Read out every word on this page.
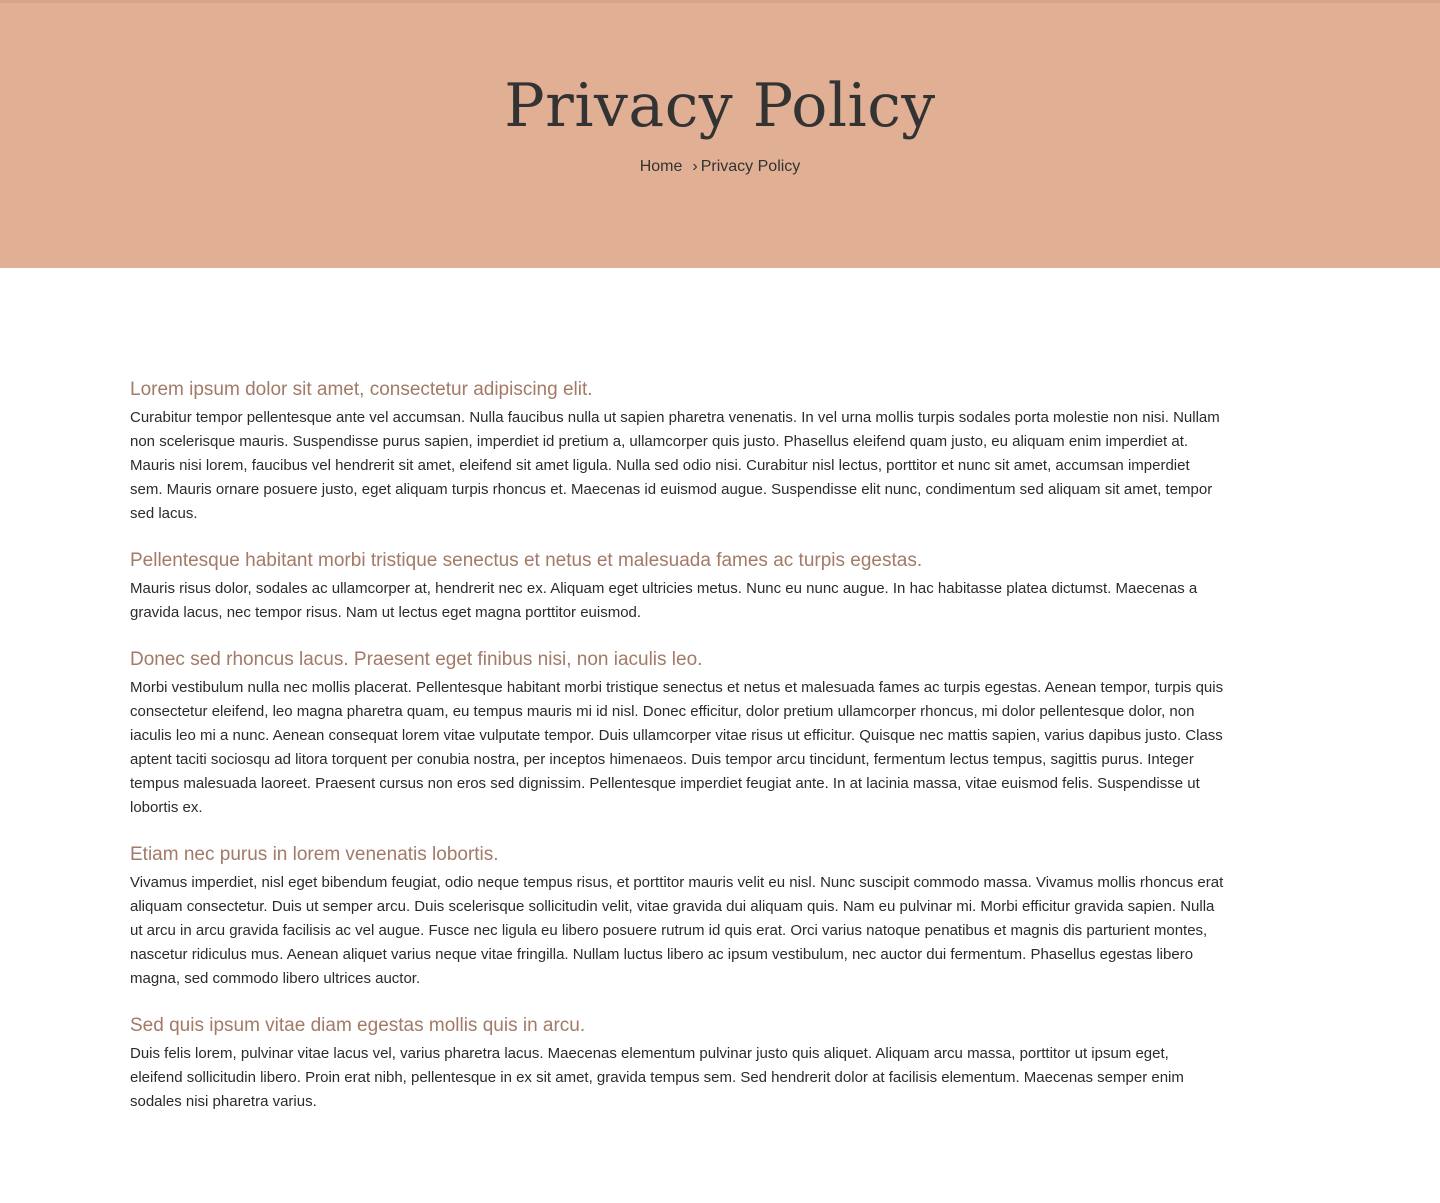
Privacy Policy
Home › Privacy Policy
Lorem ipsum dolor sit amet, consectetur adipiscing elit.

Curabitur tempor pellentesque ante vel accumsan. Nulla faucibus nulla ut sapien pharetra venenatis. In vel urna mollis turpis sodales porta molestie non nisi. Nullam non scelerisque mauris. Suspendisse purus sapien, imperdiet id pretium a, ullamcorper quis justo. Phasellus eleifend quam justo, eu aliquam enim imperdiet at. Mauris nisi lorem, faucibus vel hendrerit sit amet, eleifend sit amet ligula. Nulla sed odio nisi. Curabitur nisl lectus, porttitor et nunc sit amet, accumsan imperdiet sem. Mauris ornare posuere justo, eget aliquam turpis rhoncus et. Maecenas id euismod augue. Suspendisse elit nunc, condimentum sed aliquam sit amet, tempor sed lacus.

Pellentesque habitant morbi tristique senectus et netus et malesuada fames ac turpis egestas.

Mauris risus dolor, sodales ac ullamcorper at, hendrerit nec ex. Aliquam eget ultricies metus. Nunc eu nunc augue. In hac habitasse platea dictumst. Maecenas a gravida lacus, nec tempor risus. Nam ut lectus eget magna porttitor euismod.

Donec sed rhoncus lacus. Praesent eget finibus nisi, non iaculis leo.

Morbi vestibulum nulla nec mollis placerat. Pellentesque habitant morbi tristique senectus et netus et malesuada fames ac turpis egestas. Aenean tempor, turpis quis consectetur eleifend, leo magna pharetra quam, eu tempus mauris mi id nisl. Donec efficitur, dolor pretium ullamcorper rhoncus, mi dolor pellentesque dolor, non iaculis leo mi a nunc. Aenean consequat lorem vitae vulputate tempor. Duis ullamcorper vitae risus ut efficitur. Quisque nec mattis sapien, varius dapibus justo. Class aptent taciti sociosqu ad litora torquent per conubia nostra, per inceptos himenaeos. Duis tempor arcu tincidunt, fermentum lectus tempus, sagittis purus. Integer tempus malesuada laoreet. Praesent cursus non eros sed dignissim. Pellentesque imperdiet feugiat ante. In at lacinia massa, vitae euismod felis. Suspendisse ut lobortis ex.

Etiam nec purus in lorem venenatis lobortis.

Vivamus imperdiet, nisl eget bibendum feugiat, odio neque tempus risus, et porttitor mauris velit eu nisl. Nunc suscipit commodo massa. Vivamus mollis rhoncus erat aliquam consectetur. Duis ut semper arcu. Duis scelerisque sollicitudin velit, vitae gravida dui aliquam quis. Nam eu pulvinar mi. Morbi efficitur gravida sapien. Nulla ut arcu in arcu gravida facilisis ac vel augue. Fusce nec ligula eu libero posuere rutrum id quis erat. Orci varius natoque penatibus et magnis dis parturient montes, nascetur ridiculus mus. Aenean aliquet varius neque vitae fringilla. Nullam luctus libero ac ipsum vestibulum, nec auctor dui fermentum. Phasellus egestas libero magna, sed commodo libero ultrices auctor.

Sed quis ipsum vitae diam egestas mollis quis in arcu.

Duis felis lorem, pulvinar vitae lacus vel, varius pharetra lacus. Maecenas elementum pulvinar justo quis aliquet. Aliquam arcu massa, porttitor ut ipsum eget, eleifend sollicitudin libero. Proin erat nibh, pellentesque in ex sit amet, gravida tempus sem. Sed hendrerit dolor at facilisis elementum. Maecenas semper enim sodales nisi pharetra varius.
